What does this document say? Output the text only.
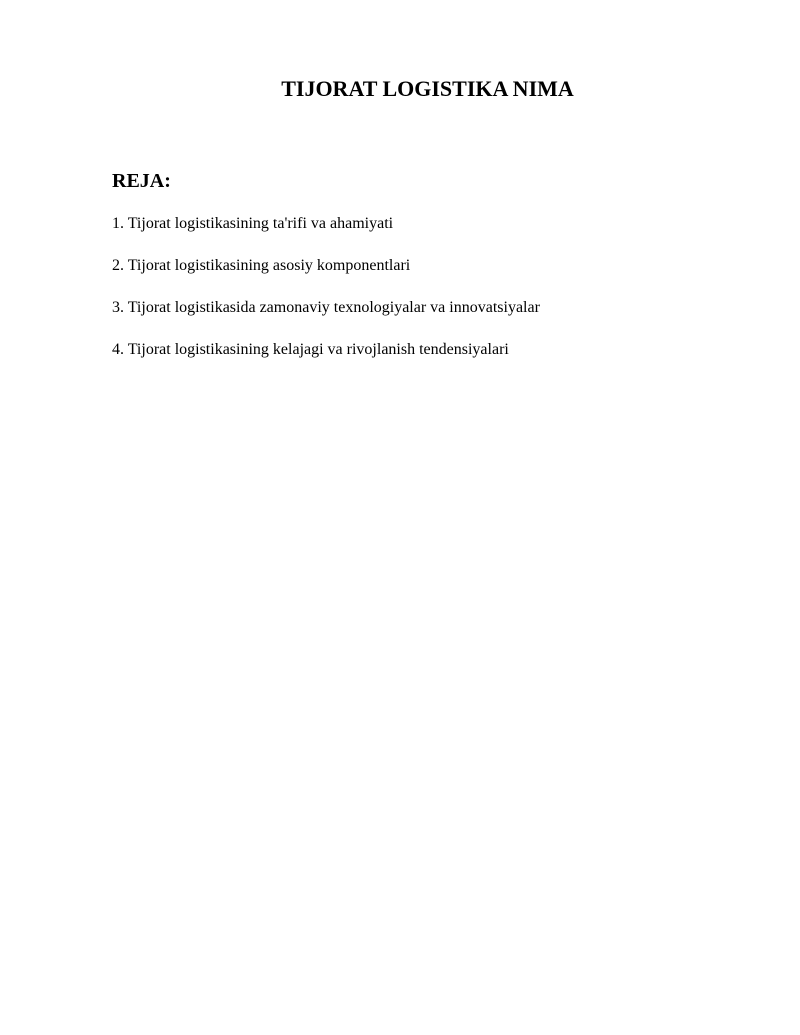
TIJORAT LOGISTIKA NIMA
REJA:
1. Tijorat logistikasining ta'rifi va ahamiyati
2. Tijorat logistikasining asosiy komponentlari
3. Tijorat logistikasida zamonaviy texnologiyalar va innovatsiyalar
4. Tijorat logistikasining kelajagi va rivojlanish tendensiyalari
